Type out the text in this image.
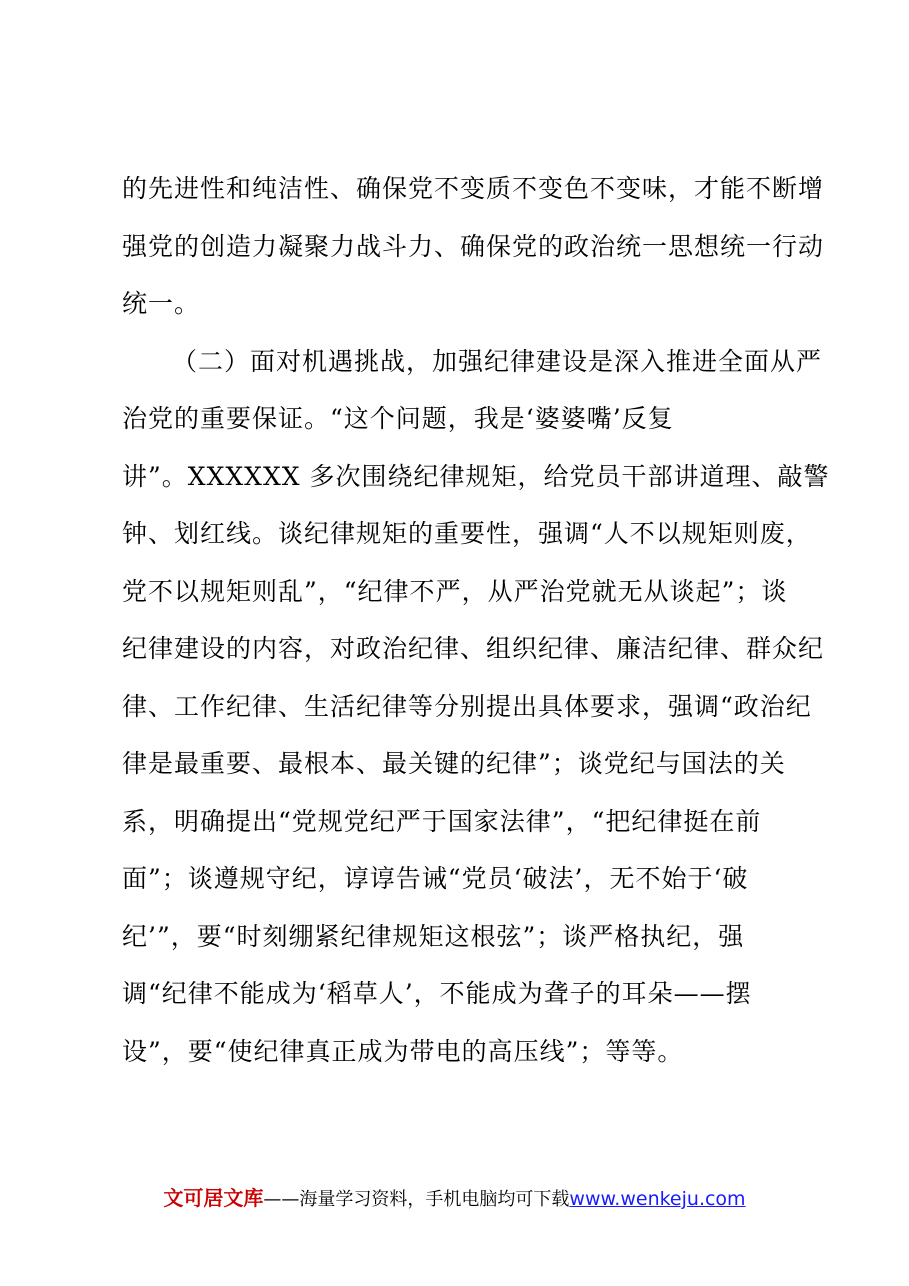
的先进性和纯洁性、确保党不变质不变色不变味，才能不断增
强党的创造力凝聚力战斗力、确保党的政治统一思想统一行动
统一。
（二）面对机遇挑战，加强纪律建设是深入推进全面从严
治党的重要保证。“这个问题，我是‘婆婆嘴’反复
讲”。XXXXXX 多次围绕纪律规矩，给党员干部讲道理、敲警
钟、划红线。谈纪律规矩的重要性，强调“人不以规矩则废，
党不以规矩则乱”，“纪律不严，从严治党就无从谈起”；谈
纪律建设的内容，对政治纪律、组织纪律、廉洁纪律、群众纪
律、工作纪律、生活纪律等分别提出具体要求，强调“政治纪
律是最重要、最根本、最关键的纪律”；谈党纪与国法的关
系，明确提出“党规党纪严于国家法律”，“把纪律挺在前
面”；谈遵规守纪，谆谆告诫“党员‘破法’，无不始于‘破
纪’”，要“时刻绷紧纪律规矩这根弦”；谈严格执纪，强
调“纪律不能成为‘稻草人’，不能成为聋子的耳朵——摆
设”，要“使纪律真正成为带电的高压线”；等等。
文可居文库——海量学习资料，手机电脑均可下载www.wenkeju.com
